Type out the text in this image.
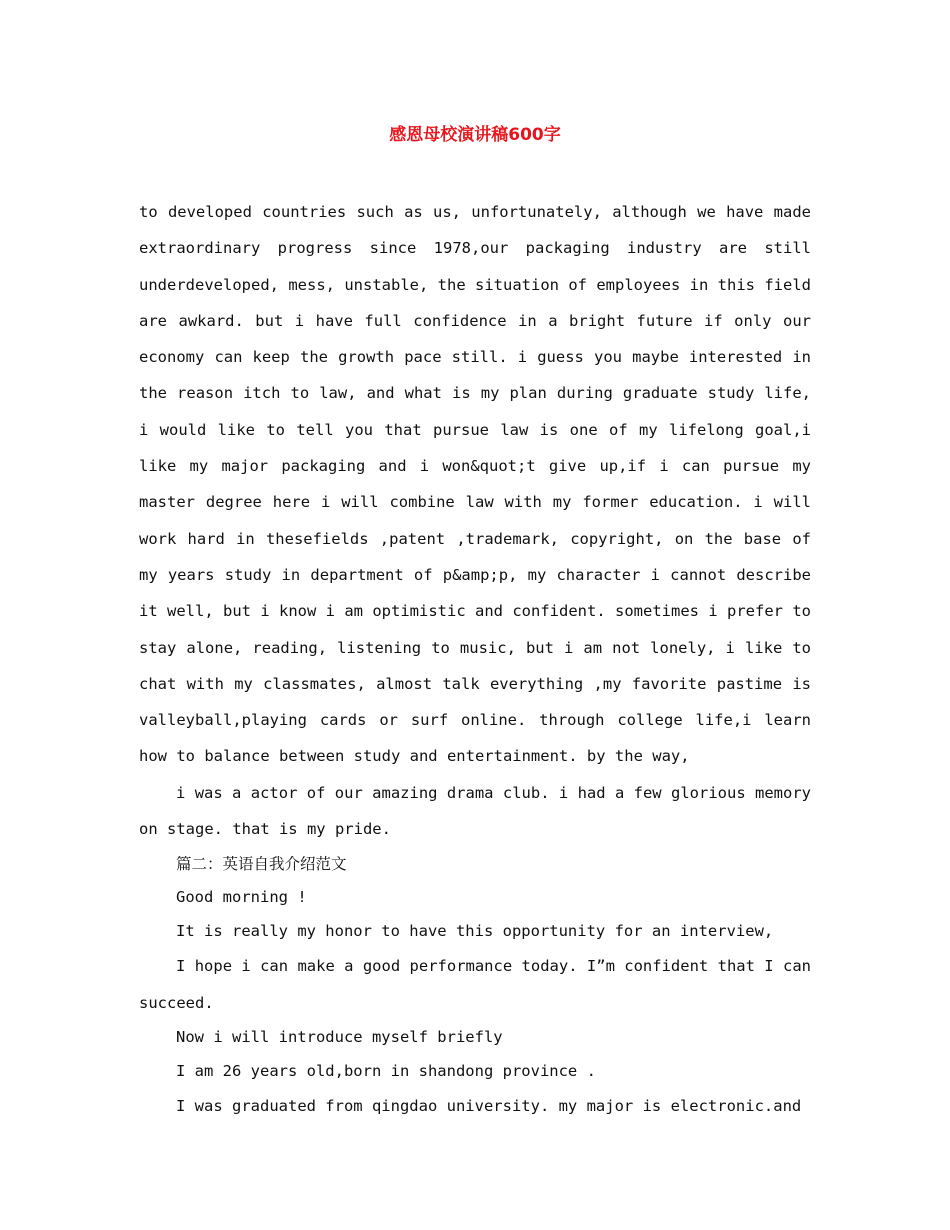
感恩母校演讲稿600字

to developed countries such as us, unfortunately, although we have made extraordinary progress since 1978,our packaging industry are still underdeveloped, mess, unstable, the situation of employees in this field are awkard. but i have full confidence in a bright future if only our economy can keep the growth pace still. i guess you maybe interested in the reason itch to law, and what is my plan during graduate study life, i would like to tell you that pursue law is one of my lifelong goal,i like my major packaging and i won&quot;t give up,if i can pursue my master degree here i will combine law with my former education. i will work hard in thesefields ,patent ,trademark, copyright, on the base of my years study in department of p&amp;p, my character i cannot describe it well, but i know i am optimistic and confident. sometimes i prefer to stay alone, reading, listening to music, but i am not lonely, i like to chat with my classmates, almost talk everything ,my favorite pastime is valleyball,playing cards or surf online. through college life,i learn how to balance between study and entertainment. by the way,

i was a actor of our amazing drama club. i had a few glorious memory on stage. that is my pride.

篇二：英语自我介绍范文

Good morning !

It is really my honor to have this opportunity for an interview,

I hope i can make a good performance today. I”m confident that I can succeed.

Now i will introduce myself briefly

I am 26 years old,born in shandong province .

I was graduated from qingdao university. my major is electronic.and
